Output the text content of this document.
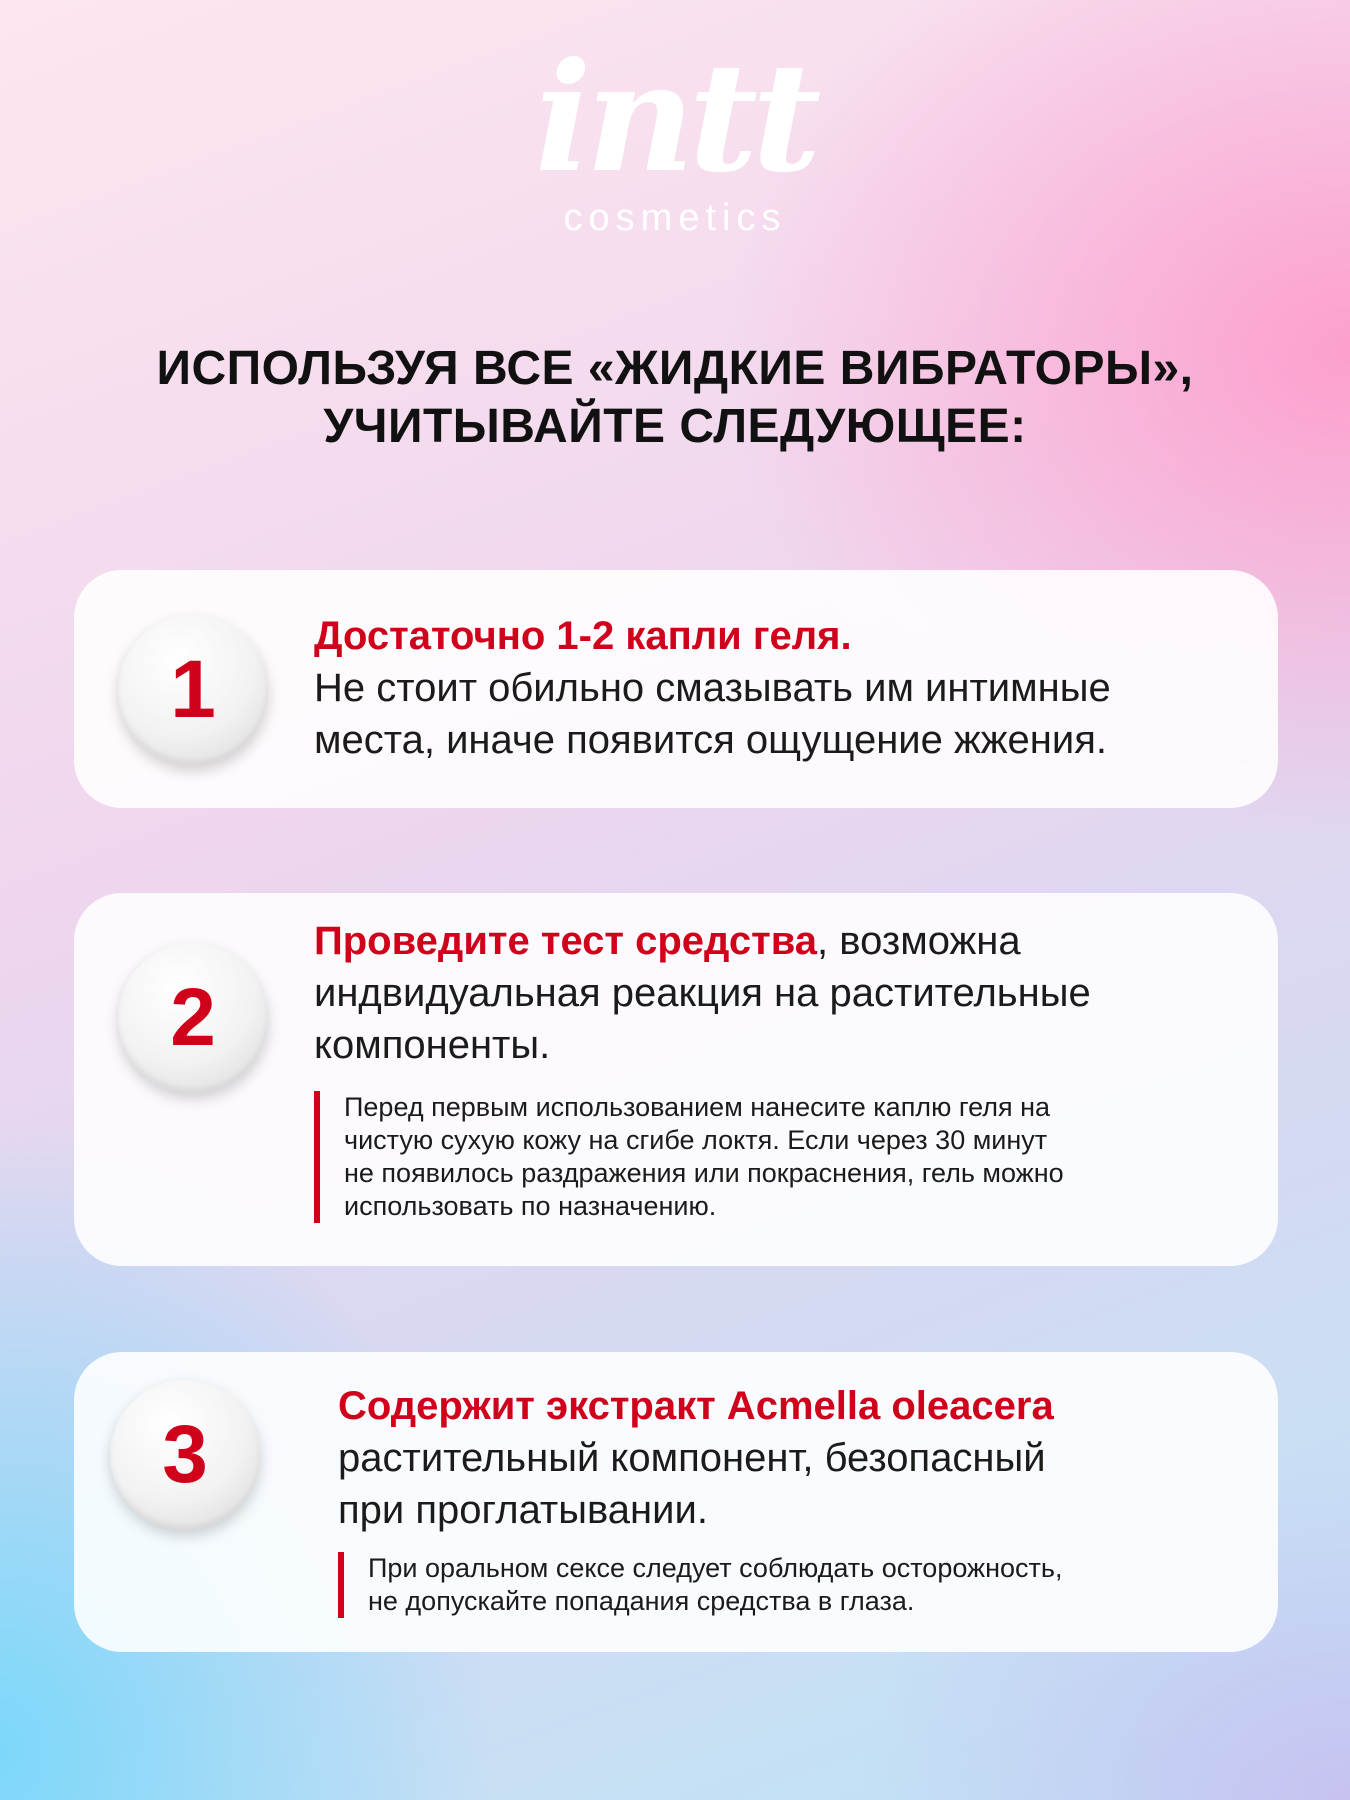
intt
cosmetics
ИСПОЛЬЗУЯ ВСЕ «ЖИДКИЕ ВИБРАТОРЫ»,
УЧИТЫВАЙТЕ СЛЕДУЮЩЕЕ:
1
Достаточно 1-2 капли геля.
Не стоит обильно смазывать им интимные
места, иначе появится ощущение жжения.
2
Проведите тест средства, возможна
индвидуальная реакция на растительные
компоненты.
Перед первым использованием нанесите каплю геля на
чистую сухую кожу на сгибе локтя. Если через 30 минут
не появилось раздражения или покраснения, гель можно
использовать по назначению.
3
Содержит экстракт Acmella oleacera
растительный компонент, безопасный
при проглатывании.
При оральном сексе следует соблюдать осторожность,
не допускайте попадания средства в глаза.
